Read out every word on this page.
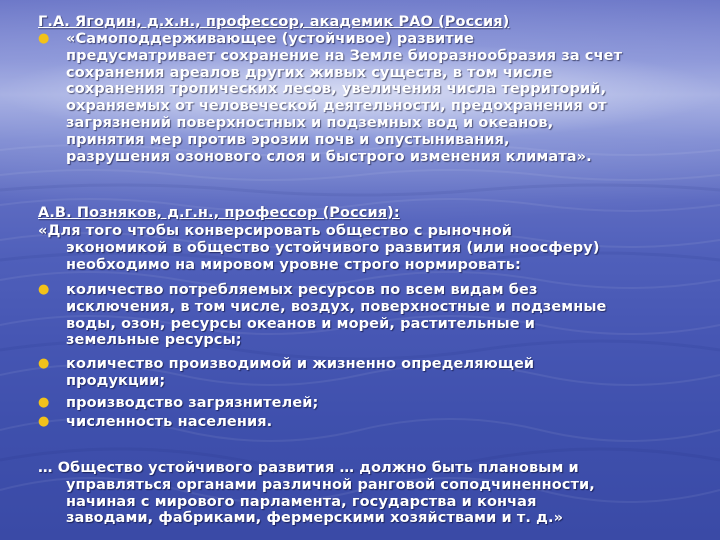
Г.А. Ягодин, д.х.н., профессор, академик РАО (Россия)
●	«Самоподдерживающее (устойчивое) развитие
предусматривает сохранение на Земле биоразнообразия за счет
сохранения ареалов других живых существ, в том числе
сохранения тропических лесов, увеличения числа территорий,
охраняемых от человеческой деятельности, предохранения от
загрязнений поверхностных и подземных вод и океанов,
принятия мер против эрозии почв и опустынивания,
разрушения озонового слоя и быстрого изменения климата».
А.В. Позняков, д.г.н., профессор (Россия):
«Для того чтобы конверсировать общество с рыночной
экономикой в общество устойчивого развития (или ноосферу)
необходимо на мировом уровне строго нормировать:
●	количество потребляемых ресурсов по всем видам без
исключения, в том числе, воздух, поверхностные и подземные
воды, озон, ресурсы океанов и морей, растительные и
земельные ресурсы;
●	количество производимой и жизненно определяющей
продукции;
●	производство загрязнителей;
●	численность населения.
… Общество устойчивого развития … должно быть плановым и
управляться органами различной ранговой соподчиненности,
начиная с мирового парламента, государства и кончая
заводами, фабриками, фермерскими хозяйствами и т. д.»
